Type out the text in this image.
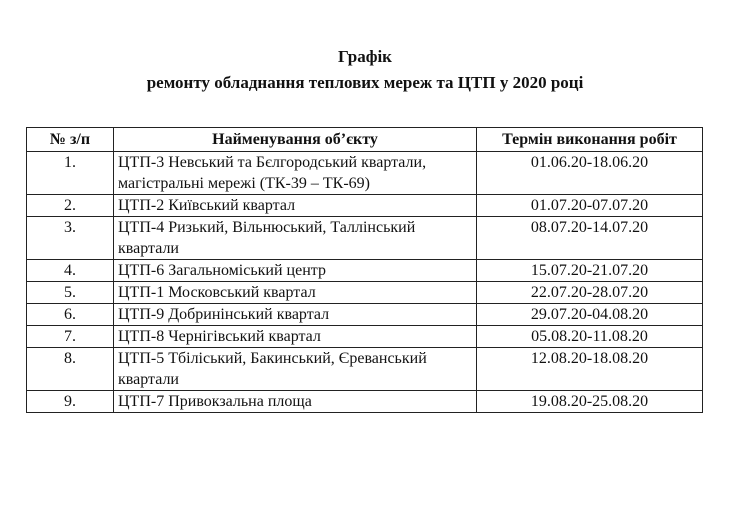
Графік
ремонту обладнання теплових мереж та ЦТП у 2020 році
№ з/п	Найменування об’єкту	Термін виконання робіт
1.	ЦТП-3 Невський та Бєлгородський квартали, магістральні мережі (ТК-39 – ТК-69)	01.06.20-18.06.20
2.	ЦТП-2 Київський квартал	01.07.20-07.07.20
3.	ЦТП-4 Ризький, Вільнюський, Таллінський квартали	08.07.20-14.07.20
4.	ЦТП-6 Загальноміський центр	15.07.20-21.07.20
5.	ЦТП-1 Московський квартал	22.07.20-28.07.20
6.	ЦТП-9 Добринінський квартал	29.07.20-04.08.20
7.	ЦТП-8 Чернігівський квартал	05.08.20-11.08.20
8.	ЦТП-5 Тбіліський, Бакинський, Єреванський квартали	12.08.20-18.08.20
9.	ЦТП-7 Привокзальна площа	19.08.20-25.08.20
